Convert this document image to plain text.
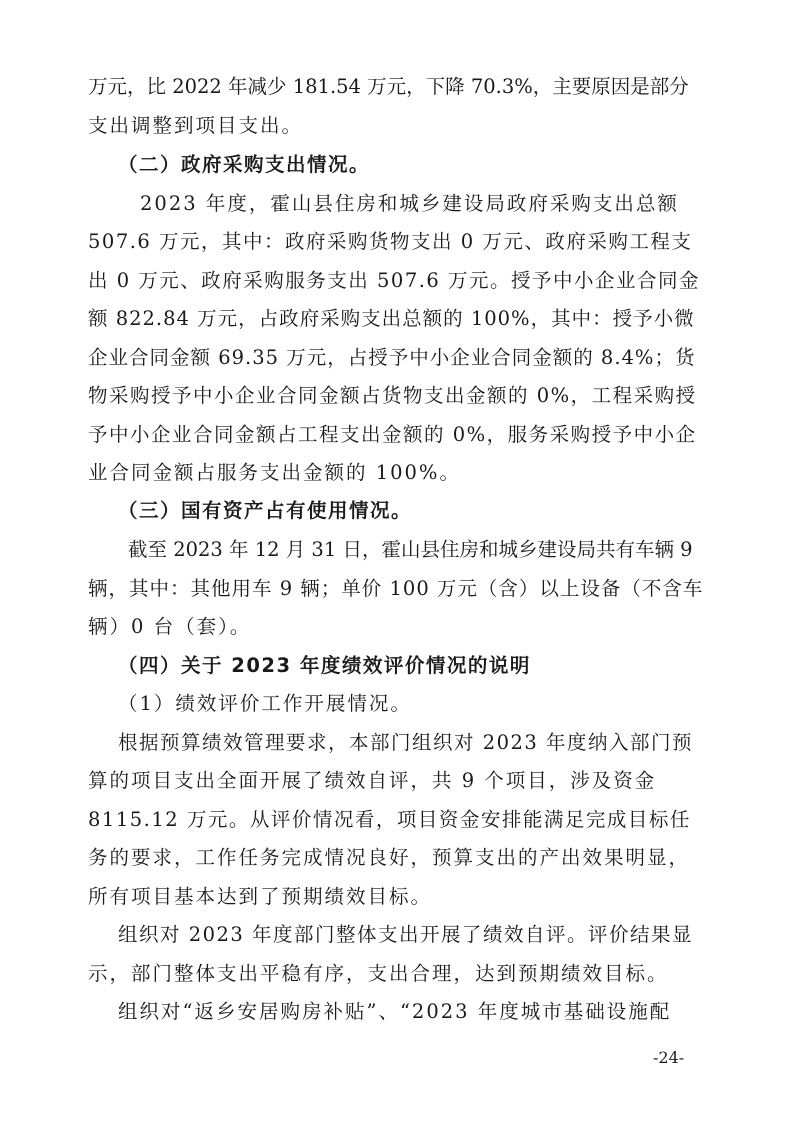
万元，比 2022 年减少 181.54 万元，下降 70.3%，主要原因是部分
支出调整到项目支出。
（二）政府采购支出情况。
2023 年度，霍山县住房和城乡建设局政府采购支出总额
507.6 万元，其中：政府采购货物支出 0 万元、政府采购工程支
出 0 万元、政府采购服务支出 507.6 万元。授予中小企业合同金
额 822.84 万元，占政府采购支出总额的 100%，其中：授予小微
企业合同金额 69.35 万元，占授予中小企业合同金额的 8.4%；货
物采购授予中小企业合同金额占货物支出金额的 0%，工程采购授
予中小企业合同金额占工程支出金额的 0%，服务采购授予中小企
业合同金额占服务支出金额的 100%。
（三）国有资产占有使用情况。
截至 2023 年 12 月 31 日，霍山县住房和城乡建设局共有车辆 9
辆，其中：其他用车 9 辆；单价 100 万元（含）以上设备（不含车
辆）0 台（套）。
（四）关于 2023 年度绩效评价情况的说明
（1）绩效评价工作开展情况。
根据预算绩效管理要求，本部门组织对 2023 年度纳入部门预
算的项目支出全面开展了绩效自评，共 9 个项目，涉及资金
8115.12 万元。从评价情况看，项目资金安排能满足完成目标任
务的要求，工作任务完成情况良好，预算支出的产出效果明显，
所有项目基本达到了预期绩效目标。
组织对 2023 年度部门整体支出开展了绩效自评。评价结果显
示，部门整体支出平稳有序，支出合理，达到预期绩效目标。
组织对“返乡安居购房补贴”、“2023 年度城市基础设施配
-24-
